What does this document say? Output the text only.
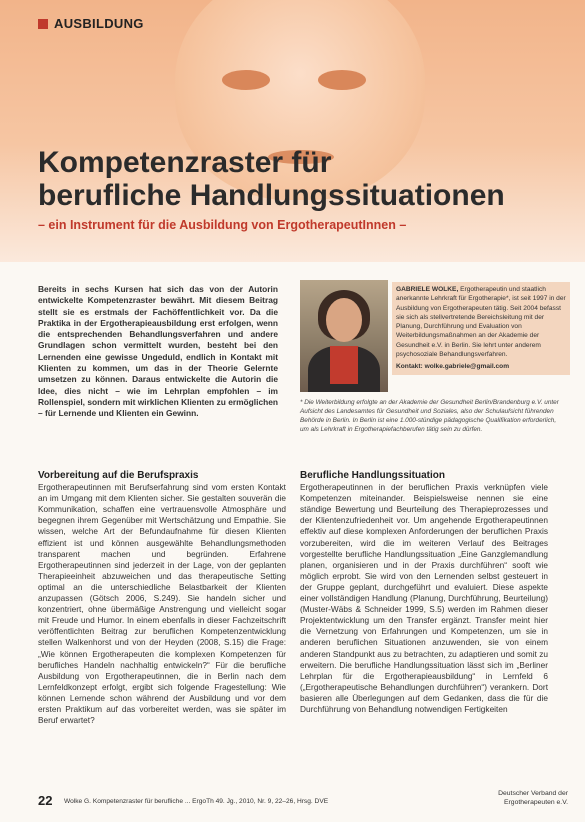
AUSBILDUNG
Kompetenzraster für
berufliche Handlungssituationen
– ein Instrument für die Ausbildung von ErgotherapeutInnen –
Bereits in sechs Kursen hat sich das von der Autorin entwickelte Kompetenzraster bewährt. Mit diesem Beitrag stellt sie es erstmals der Fachöffentlichkeit vor. Da die Praktika in der Ergotherapieausbildung erst erfolgen, wenn die entsprechenden Behandlungsverfahren und andere Grundlagen schon vermittelt wurden, besteht bei den Lernenden eine gewisse Ungeduld, endlich in Kontakt mit Klienten zu kommen, um das in der Theorie Gelernte umsetzen zu können. Daraus entwickelte die Autorin die Idee, dies nicht – wie im Lehrplan empfohlen – im Rollenspiel, sondern mit wirklichen Klienten zu ermöglichen – für Lernende und Klienten ein Gewinn.
GABRIELE WOLKE, Ergotherapeutin und staatlich anerkannte Lehrkraft für Ergotherapie*, ist seit 1997 in der Ausbildung von Ergotherapeuten tätig. Seit 2004 befasst sie sich als stellvertretende Bereichsleitung mit der Planung, Durchführung und Evaluation von Weiterbildungsmaßnahmen an der Akademie der Gesundheit e.V. in Berlin. Sie lehrt unter anderem psychosoziale Behandlungsverfahren.
Kontakt: wolke.gabriele@gmail.com
* Die Weiterbildung erfolgte an der Akademie der Gesundheit Berlin/Brandenburg e.V. unter Aufsicht des Landesamtes für Gesundheit und Soziales, also der Schulaufsicht führenden Behörde in Berlin. In Berlin ist eine 1.000-stündige pädagogische Qualifikation erforderlich, um als Lehrkraft in Ergotherapiefachberufen tätig sein zu dürfen.
Vorbereitung auf die Berufspraxis

Ergotherapeutinnen mit Berufserfahrung sind vom ersten Kontakt an im Umgang mit dem Klienten sicher. Sie gestalten souverän die Kommunikation, schaffen eine vertrauensvolle Atmosphäre und begegnen ihrem Gegenüber mit Wertschätzung und Empathie. Sie wissen, welche Art der Befundaufnahme für diesen Klienten effizient ist und können ausgewählte Behandlungsmethoden transparent machen und begründen. Erfahrene Ergotherapeutinnen sind jederzeit in der Lage, von der geplanten Therapieeinheit abzuweichen und das therapeutische Setting optimal an die unterschiedliche Belastbarkeit der Klienten anzupassen (Götsch 2006, S.249). Sie handeln sicher und konzentriert, ohne übermäßige Anstrengung und vielleicht sogar mit Freude und Humor. In einem ebenfalls in dieser Fachzeitschrift veröffentlichten Beitrag zur beruflichen Kompetenzentwicklung stellen Walkenhorst und von der Heyden (2008, S.15) die Frage: „Wie können Ergotherapeuten die komplexen Kompetenzen für berufliches Handeln nachhaltig entwickeln?“ Für die berufliche Ausbildung von Ergotherapeutinnen, die in Berlin nach dem Lernfeldkonzept erfolgt, ergibt sich folgende Fragestellung: Wie können Lernende schon während der Ausbildung und vor dem ersten Praktikum auf das vorbereitet werden, was sie später im Beruf erwartet?

Berufliche Handlungssituation

Ergotherapeutinnen in der beruflichen Praxis verknüpfen viele Kompetenzen miteinander. Beispielsweise nennen sie eine ständige Bewertung und Beurteilung des Therapieprozesses und der Klientenzufriedenheit vor. Um angehende Ergotherapeutinnen effektiv auf diese komplexen Anforderungen der beruflichen Praxis vorzubereiten, wird die im weiteren Verlauf des Beitrages vorgestellte berufliche Handlungssituation „Eine Ganzglemandlung planen, organisieren und in der Praxis durchführen“ sooft wie möglich erprobt. Sie wird von den Lernenden selbst gesteuert in der Gruppe geplant, durchgeführt und evaluiert. Diese aspekte einer vollständigen Handlung (Planung, Durchführung, Beurteilung) (Muster-Wäbs & Schneider 1999, S.5) werden im Rahmen dieser Projektentwicklung um den Transfer ergänzt. Transfer meint hier die Vernetzung von Erfahrungen und Kompetenzen, um sie in anderen beruflichen Situationen anzuwenden, sie von einem anderen Standpunkt aus zu betrachten, zu adaptieren und somit zu erweitern. Die berufliche Handlungssituation lässt sich im „Berliner Lehrplan für die Ergotherapieausbildung“ in Lernfeld 6 („Ergotherapeutische Behandlungen durchführen“) verankern. Dort basieren alle Überlegungen auf dem Gedanken, dass die für die Durchführung von Behandlung notwendigen Fertigkeiten

22 Wolke G. Kompetenzraster für berufliche ... ErgoTh 49. Jg., 2010, Nr. 9, 22–26, Hrsg. DVE
Deutscher Verband der
Ergotherapeuten e.V.
